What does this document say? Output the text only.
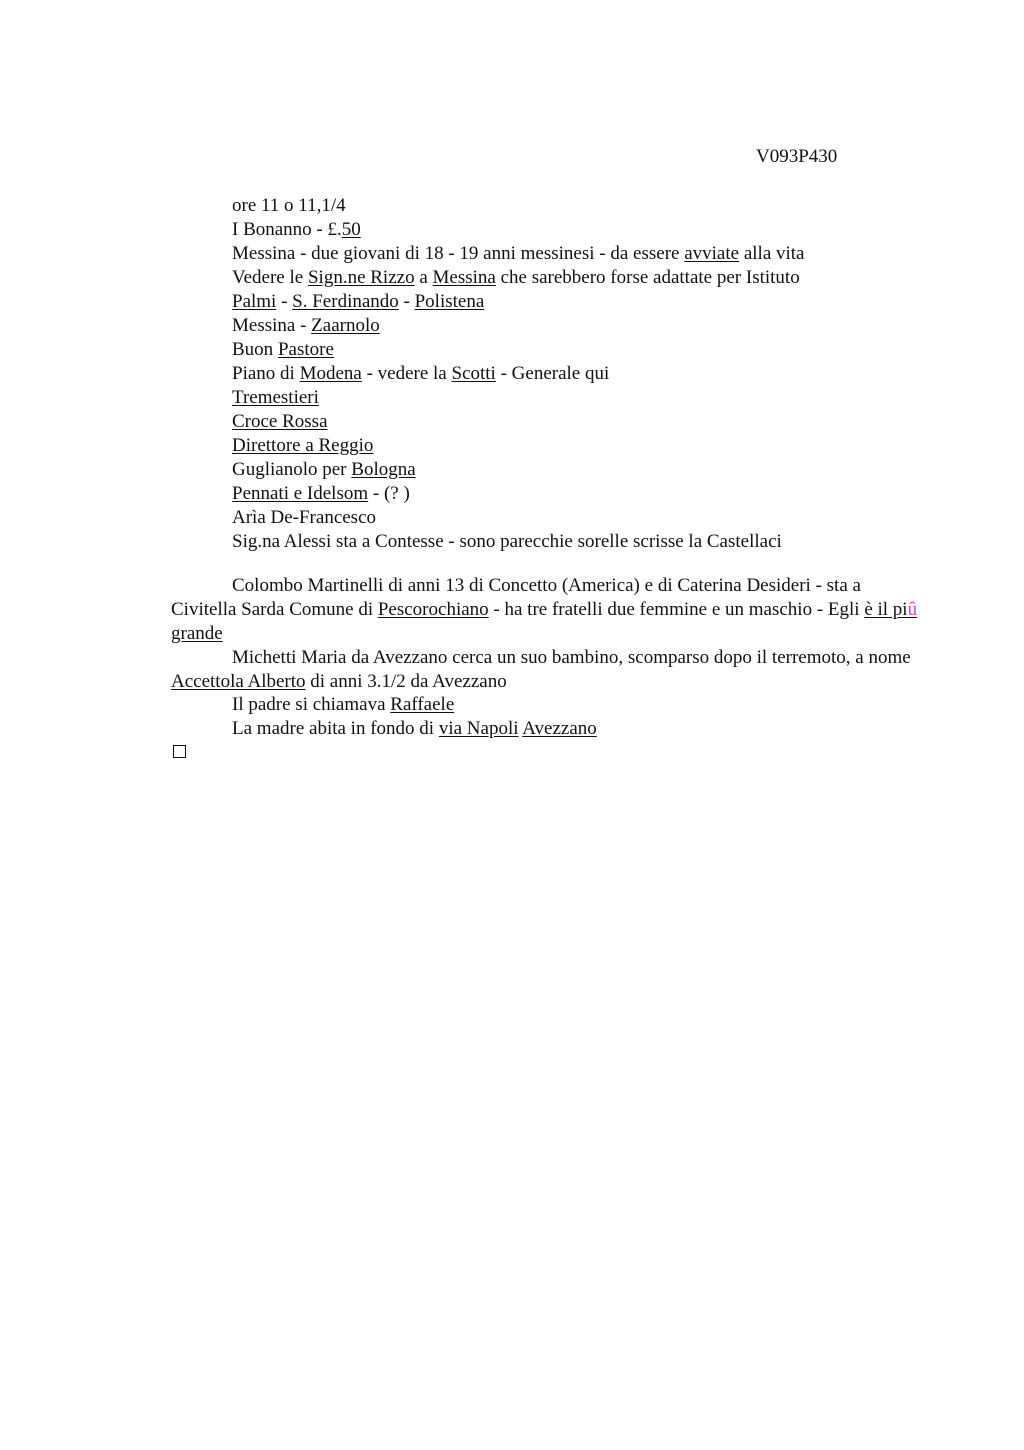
V093P430
ore 11 o 11,1/4
I Bonanno - £.50
Messina - due giovani di 18 - 19 anni messinesi - da essere avviate alla vita
Vedere le Sign.ne Rizzo a Messina che sarebbero forse adattate per Istituto
Palmi - S. Ferdinando - Polistena
Messina - Zaarnolo
Buon Pastore
Piano di Modena - vedere la Scotti - Generale qui
Tremestieri
Croce Rossa
Direttore a Reggio
Guglianolo per Bologna
Pennati e Idelsom - (? )
Arìa De-Francesco
Sig.na Alessi sta a Contesse - sono parecchie sorelle scrisse la Castellaci

Colombo Martinelli di anni 13 di Concetto (America) e di Caterina Desideri - sta a Civitella Sarda Comune di Pescorochiano - ha tre fratelli due femmine e un maschio - Egli è il piû grande

Michetti Maria da Avezzano cerca un suo bambino, scomparso dopo il terremoto, a nome Accettola Alberto di anni 3.1/2 da Avezzano

Il padre si chiamava Raffaele
La madre abita in fondo di via Napoli Avezzano
